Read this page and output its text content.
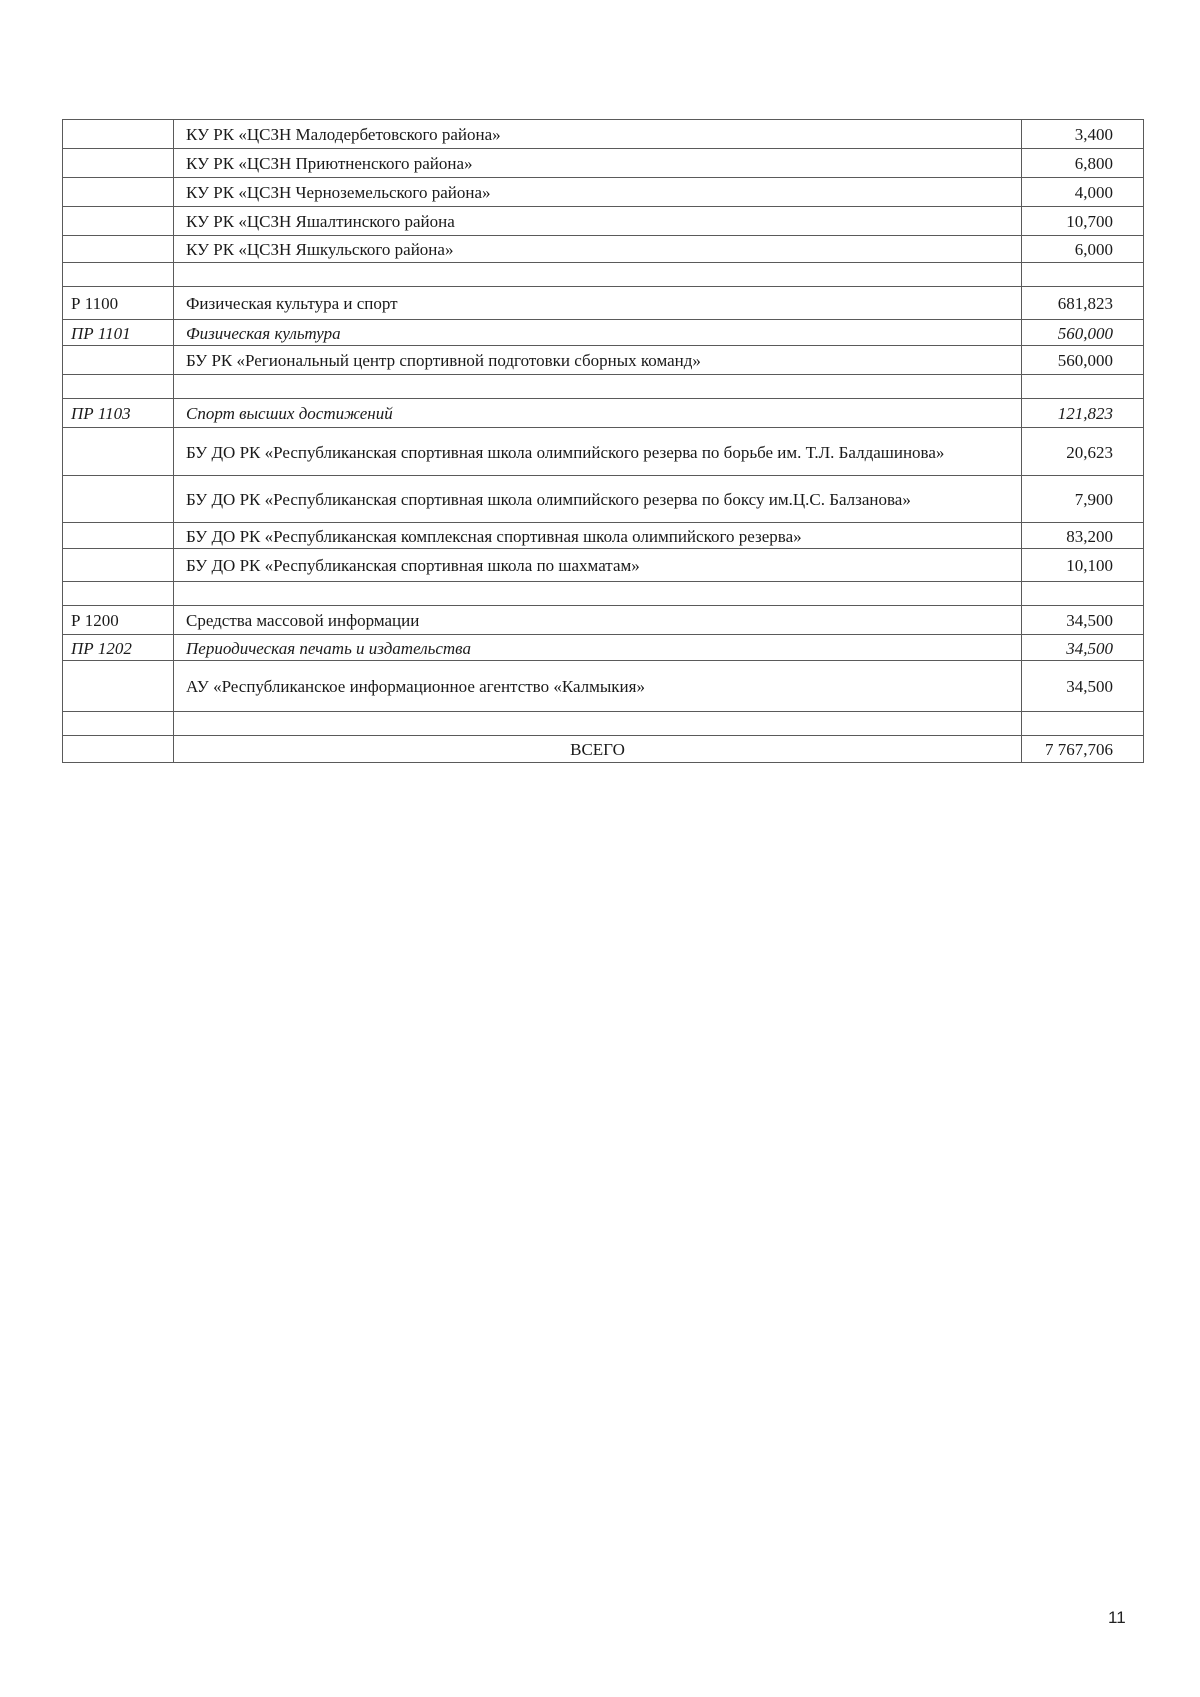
	КУ РК «ЦСЗН Малодербетовского района»	3,400
	КУ РК «ЦСЗН Приютненского района»	6,800
	КУ РК «ЦСЗН Черноземельского района»	4,000
	КУ РК «ЦСЗН Яшалтинского района	10,700
	КУ РК «ЦСЗН Яшкульского района»	6,000

Р 1100	Физическая культура и спорт	681,823
ПР 1101	Физическая культура	560,000
	БУ РК «Региональный центр спортивной подготовки сборных команд»	560,000

ПР 1103	Спорт высших достижений	121,823
	БУ ДО РК «Республиканская спортивная школа олимпийского резерва по борьбе им. Т.Л. Балдашинова»	20,623
	БУ ДО РК «Республиканская спортивная школа олимпийского резерва по боксу им.Ц.С. Балзанова»	7,900
	БУ ДО РК «Республиканская комплексная спортивная школа олимпийского резерва»	83,200
	БУ ДО РК «Республиканская спортивная школа по шахматам»	10,100

Р 1200	Средства массовой информации	34,500
ПР 1202	Периодическая печать и издательства	34,500
	АУ «Республиканское информационное агентство «Калмыкия»	34,500

	ВСЕГО	7 767,706
11
